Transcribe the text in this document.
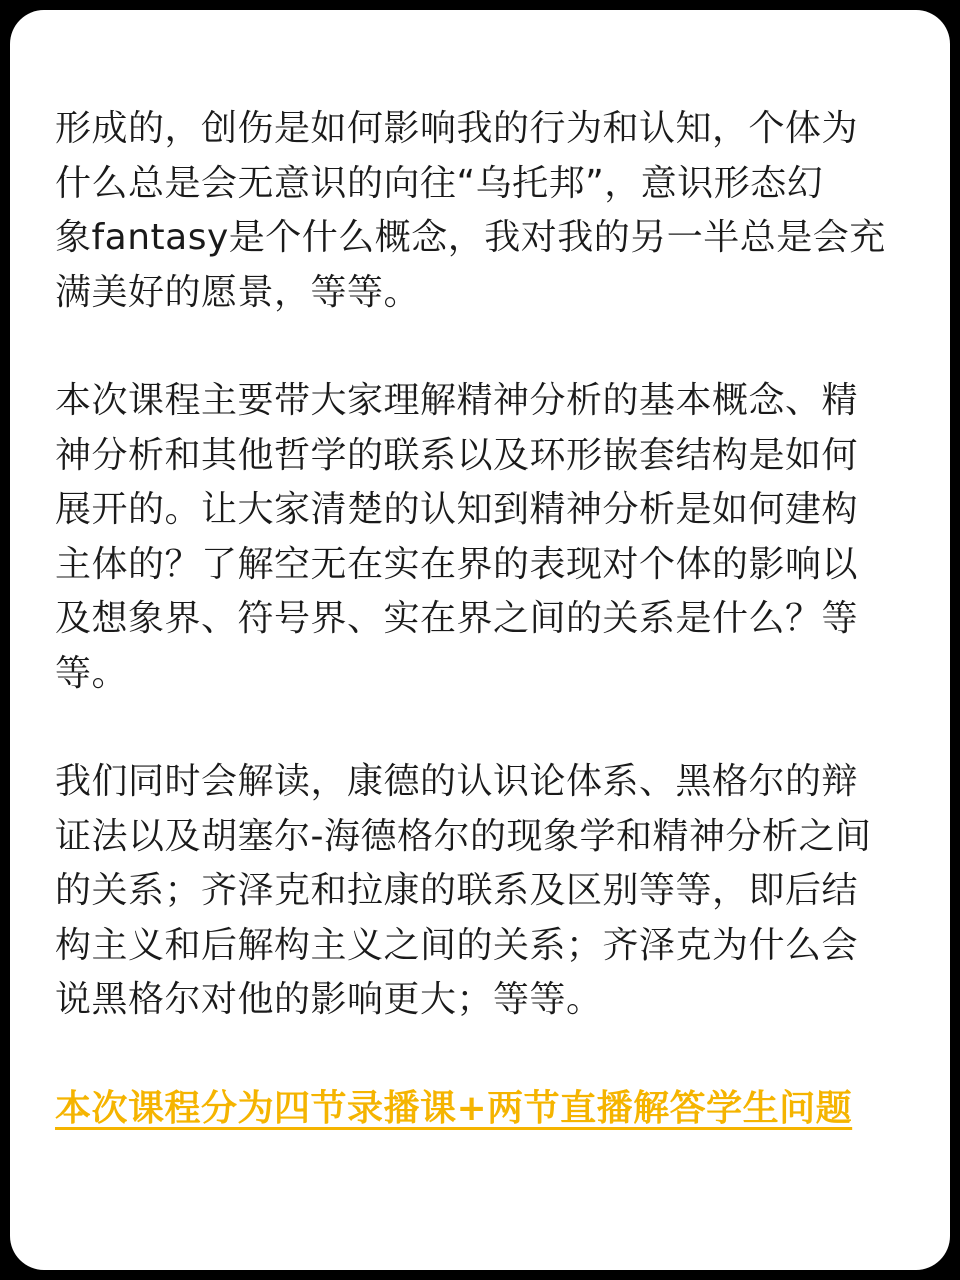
形成的，创伤是如何影响我的行为和认知，个体为
什么总是会无意识的向往“乌托邦”，意识形态幻
象fantasy是个什么概念，我对我的另一半总是会充
满美好的愿景，等等。
本次课程主要带大家理解精神分析的基本概念、精
神分析和其他哲学的联系以及环形嵌套结构是如何
展开的。让大家清楚的认知到精神分析是如何建构
主体的？了解空无在实在界的表现对个体的影响以
及想象界、符号界、实在界之间的关系是什么？等
等。
我们同时会解读，康德的认识论体系、黑格尔的辩
证法以及胡塞尔-海德格尔的现象学和精神分析之间
的关系；齐泽克和拉康的联系及区别等等，即后结
构主义和后解构主义之间的关系；齐泽克为什么会
说黑格尔对他的影响更大；等等。
本次课程分为四节录播课+两节直播解答学生问题
